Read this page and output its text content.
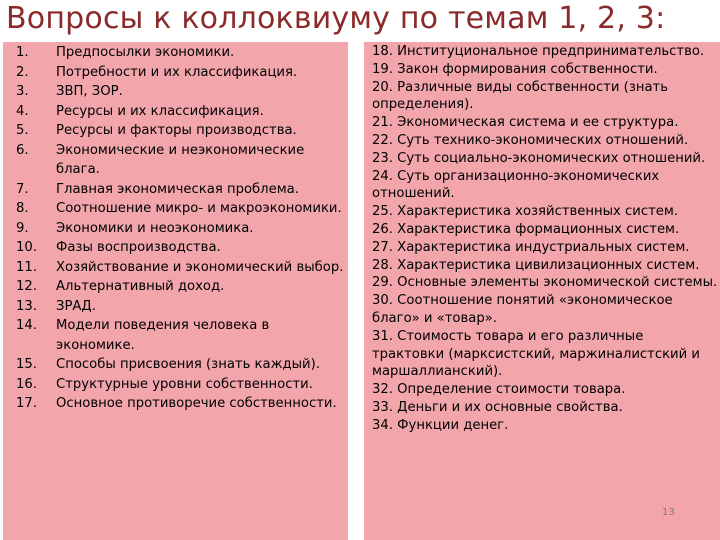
Вопросы к коллоквиуму по темам 1, 2, 3:
1.	Предпосылки экономики.
2.	Потребности и их классификация.
3.	ЗВП, ЗОР.
4.	Ресурсы и их классификация.
5.	Ресурсы и факторы производства.
6.	Экономические и неэкономические блага.
7.	Главная экономическая проблема.
8.	Соотношение микро- и макроэкономики.
9.	Экономики и неоэкономика.
10.	Фазы воспроизводства.
11.	Хозяйствование и экономический выбор.
12.	Альтернативный доход.
13.	ЗРАД.
14.	Модели поведения человека в экономике.
15.	Способы присвоения (знать каждый).
16.	Структурные уровни собственности.
17.	Основное противоречие собственности.
18. Институциональное предпринимательство.
19. Закон формирования собственности.
20. Различные виды собственности (знать определения).
21. Экономическая система и ее структура.
22. Суть технико-экономических отношений.
23. Суть социально-экономических отношений.
24. Суть организационно-экономических отношений.
25. Характеристика хозяйственных систем.
26. Характеристика формационных систем.
27. Характеристика индустриальных систем.
28. Характеристика цивилизационных систем.
29. Основные элементы экономической системы.
30. Соотношение понятий «экономическое благо» и «товар».
31. Стоимость товара и его различные трактовки (марксистский, маржиналистский и маршаллианский).
32. Определение стоимости товара.
33. Деньги и их основные свойства.
34. Функции денег.
13
